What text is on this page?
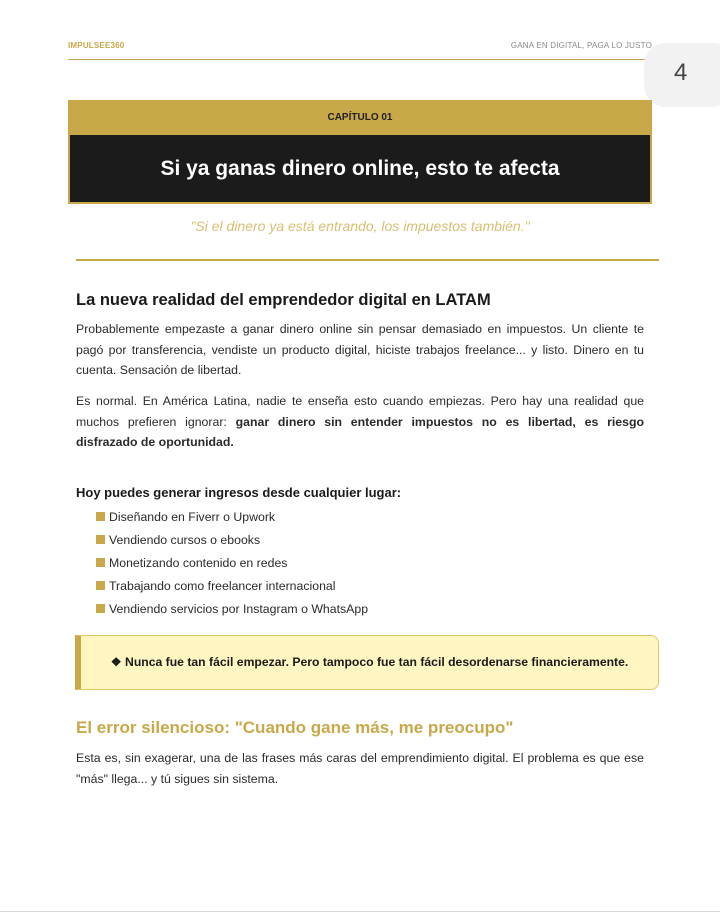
IMPULSEE360	GANA EN DIGITAL, PAGA LO JUSTO
4
CAPÍTULO 01
Si ya ganas dinero online, esto te afecta
"Si el dinero ya está entrando, los impuestos también."
La nueva realidad del emprendedor digital en LATAM

Probablemente empezaste a ganar dinero online sin pensar demasiado en impuestos. Un cliente te pagó por transferencia, vendiste un producto digital, hiciste trabajos freelance... y listo. Dinero en tu cuenta. Sensación de libertad.

Es normal. En América Latina, nadie te enseña esto cuando empiezas. Pero hay una realidad que muchos prefieren ignorar: ganar dinero sin entender impuestos no es libertad, es riesgo disfrazado de oportunidad.

Hoy puedes generar ingresos desde cualquier lugar:
Diseñando en Fiverr o Upwork
Vendiendo cursos o ebooks
Monetizando contenido en redes
Trabajando como freelancer internacional
Vendiendo servicios por Instagram o WhatsApp
❖ Nunca fue tan fácil empezar. Pero tampoco fue tan fácil desordenarse financieramente.
El error silencioso: "Cuando gane más, me preocupo"

Esta es, sin exagerar, una de las frases más caras del emprendimiento digital. El problema es que ese "más" llega... y tú sigues sin sistema.
